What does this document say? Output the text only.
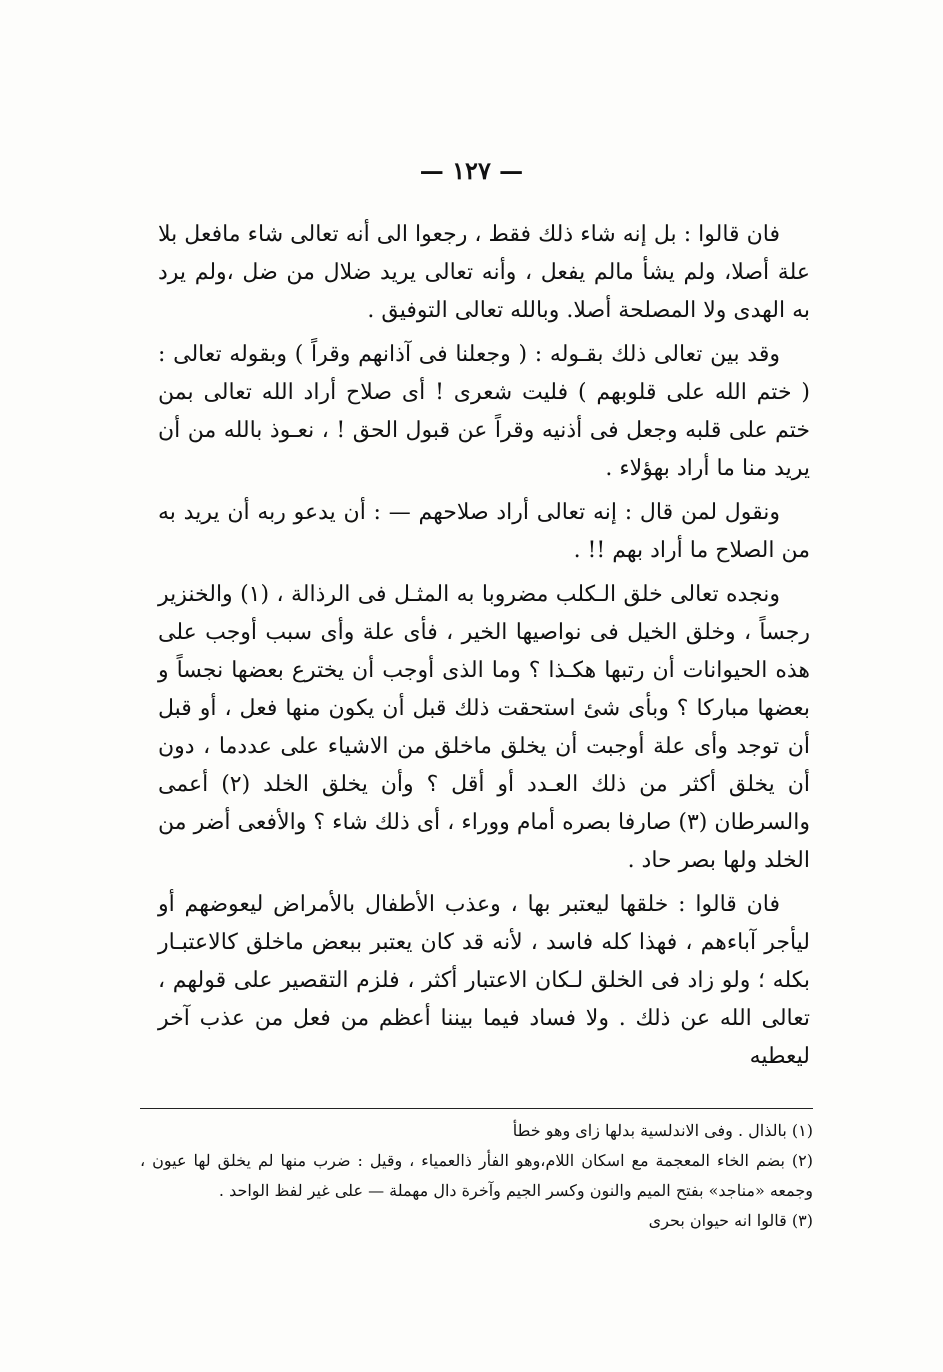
— ١٢٧ —

فان قالوا : بل إنه شاء ذلك فقط ، رجعوا الى أنه تعالى شاء مافعل بلا علة أصلا، ولم يشأ مالم يفعل ، وأنه تعالى يريد ضلال من ضل ،ولم يرد به الهدى ولا المصلحة أصلا. وبالله تعالى التوفيق .

وقد بين تعالى ذلك بقـوله : ( وجعلنا فى آذانهم وقراً ) وبقوله تعالى : ( ختم الله على قلوبهم ) فليت شعرى ! أى صلاح أراد الله تعالى بمن ختم على قلبه وجعل فى أذنيه وقراً عن قبول الحق ! ، نعـوذ بالله من أن يريد منا ما أراد بهؤلاء .

ونقول لمن قال : إنه تعالى أراد صلاحهم — : أن يدعو ربه أن يريد به من الصلاح ما أراد بهم !! .

ونجده تعالى خلق الـكلب مضروبا به المثـل فى الرذالة ، (١) والخنزير رجساً ، وخلق الخيل فى نواصيها الخير ، فأى علة وأى سبب أوجب على هذه الحيوانات أن رتبها هكـذا ؟ وما الذى أوجب أن يخترع بعضها نجساً و بعضها مباركا ؟ وبأى شئ استحقت ذلك قبل أن يكون منها فعل ، أو قبل أن توجد وأى علة أوجبت أن يخلق ماخلق من الاشياء على عددما ، دون أن يخلق أكثر من ذلك العـدد أو أقل ؟ وأن يخلق الخلد (٢) أعمى والسرطان (٣) صارفا بصره أمام ووراء ، أى ذلك شاء ؟ والأفعى أضر من الخلد ولها بصر حاد .

فان قالوا : خلقها ليعتبر بها ، وعذب الأطفال بالأمراض ليعوضهم أو ليأجر آباءهم ، فهذا كله فاسد ، لأنه قد كان يعتبر ببعض ماخلق كالاعتبـار بكله ؛ ولو زاد فى الخلق لـكان الاعتبار أكثر ، فلزم التقصير على قولهم ، تعالى الله عن ذلك . ولا فساد فيما بيننا أعظم من فعل من عذب آخر ليعطيه

(١) بالذال . وفى الاندلسية بدلها زاى وهو خطأ

(٢) بضم الخاء المعجمة مع اسكان اللام،وهو الفأر ذالعمياء ، وقيل : ضرب منها لم يخلق لها عيون ، وجمعه «مناجد» بفتح الميم والنون وكسر الجيم وآخرة دال مهملة — على غير لفظ الواحد .

(٣) قالوا انه حيوان بحرى
